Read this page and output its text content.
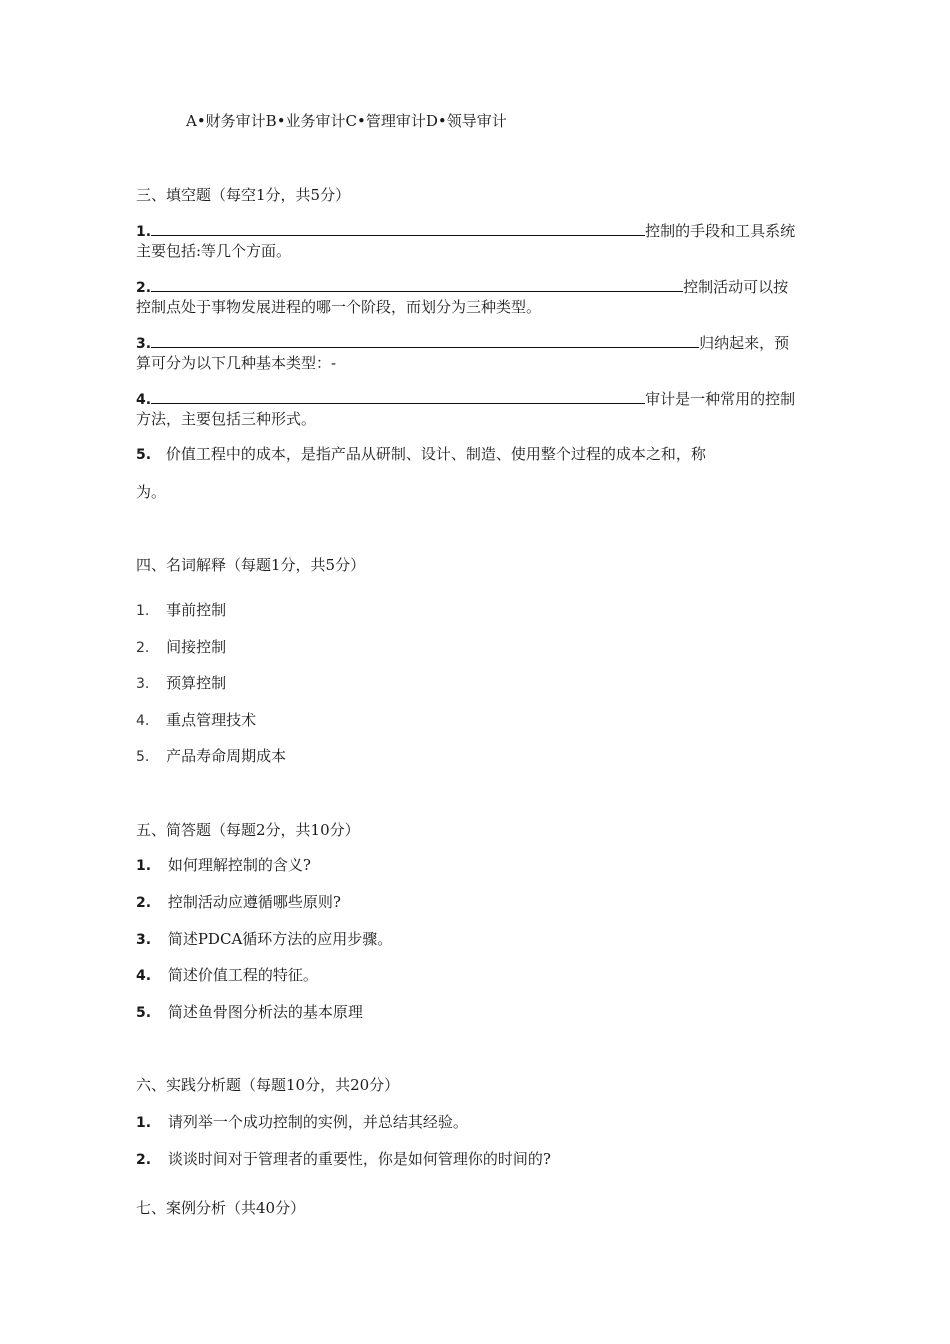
A•财务审计B•业务审计C•管理审计D•领导审计
三、填空题（每空1分，共5分）
1.	控制的手段和工具系统
主要包括:等几个方面。
2.	控制活动可以按
控制点处于事物发展进程的哪一个阶段，而划分为三种类型。
3.	归纳起来，预
算可分为以下几种基本类型：-
4.	审计是一种常用的控制
方法，主要包括三种形式。
5. 价值工程中的成本，是指产品从研制、设计、制造、使用整个过程的成本之和，称
为。
四、名词解释（每题1分，共5分）
1. 事前控制
2. 间接控制
3. 预算控制
4. 重点管理技术
5. 产品寿命周期成本
五、简答题（每题2分，共10分）
1. 如何理解控制的含义?
2. 控制活动应遵循哪些原则?
3. 简述PDCA循环方法的应用步骤。
4. 简述价值工程的特征。
5. 简述鱼骨图分析法的基本原理
六、实践分析题（每题10分，共20分）
1. 请列举一个成功控制的实例，并总结其经验。
2. 谈谈时间对于管理者的重要性，你是如何管理你的时间的?
七、案例分析（共40分）
